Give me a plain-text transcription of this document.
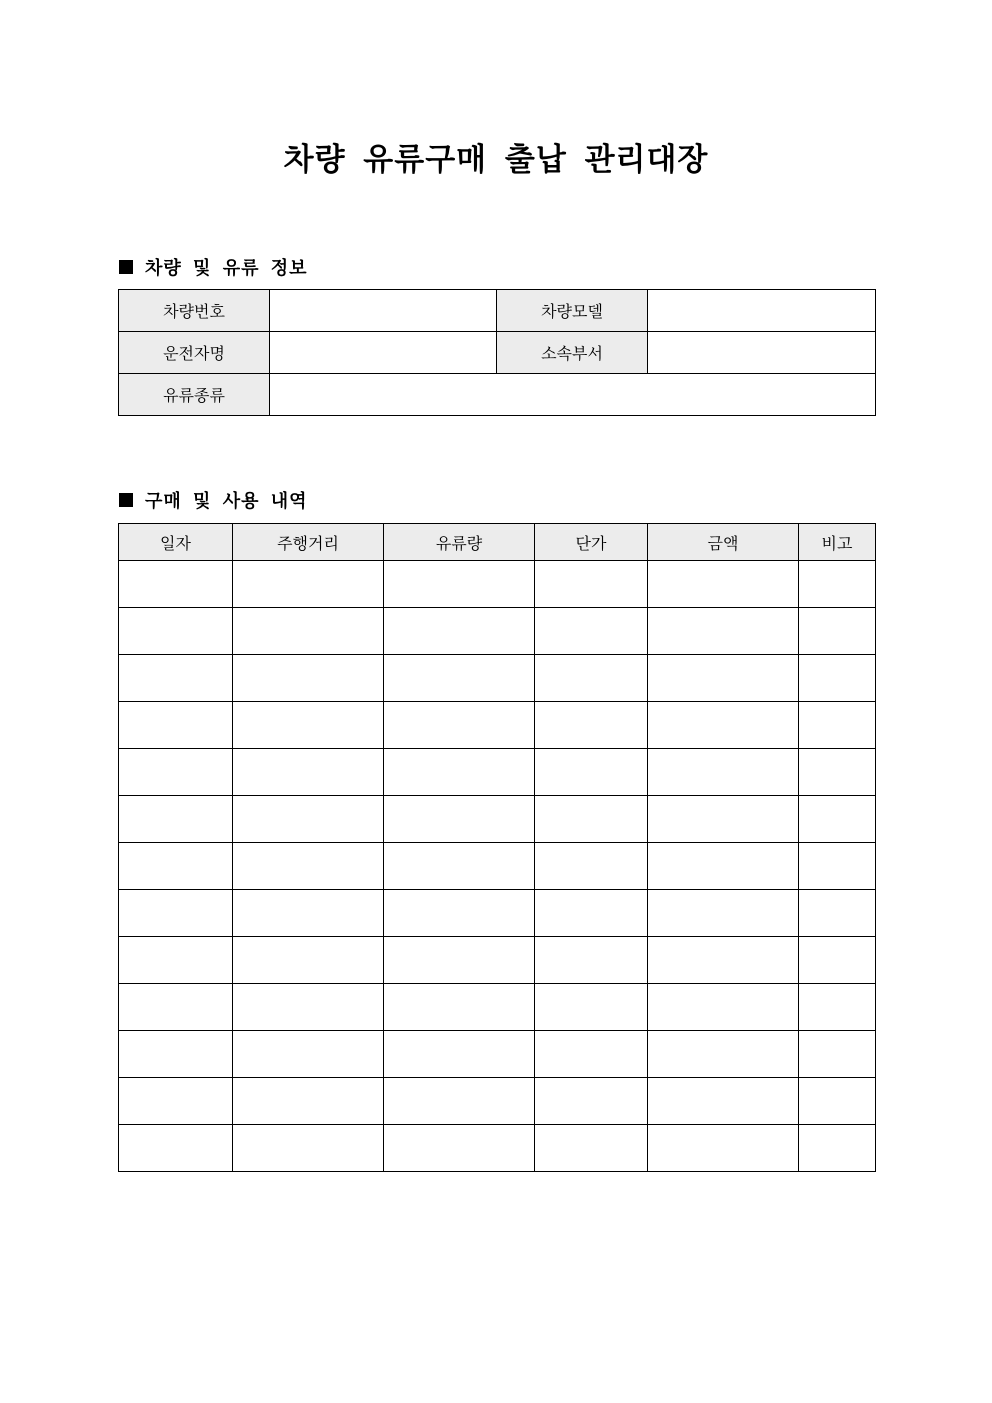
차량 유류구매 출납 관리대장
차량 및 유류 정보
차량번호		차량모델	
운전자명		소속부서	
유류종류			
구매 및 사용 내역
일자	주행거리	유류량	단가	금액	비고
